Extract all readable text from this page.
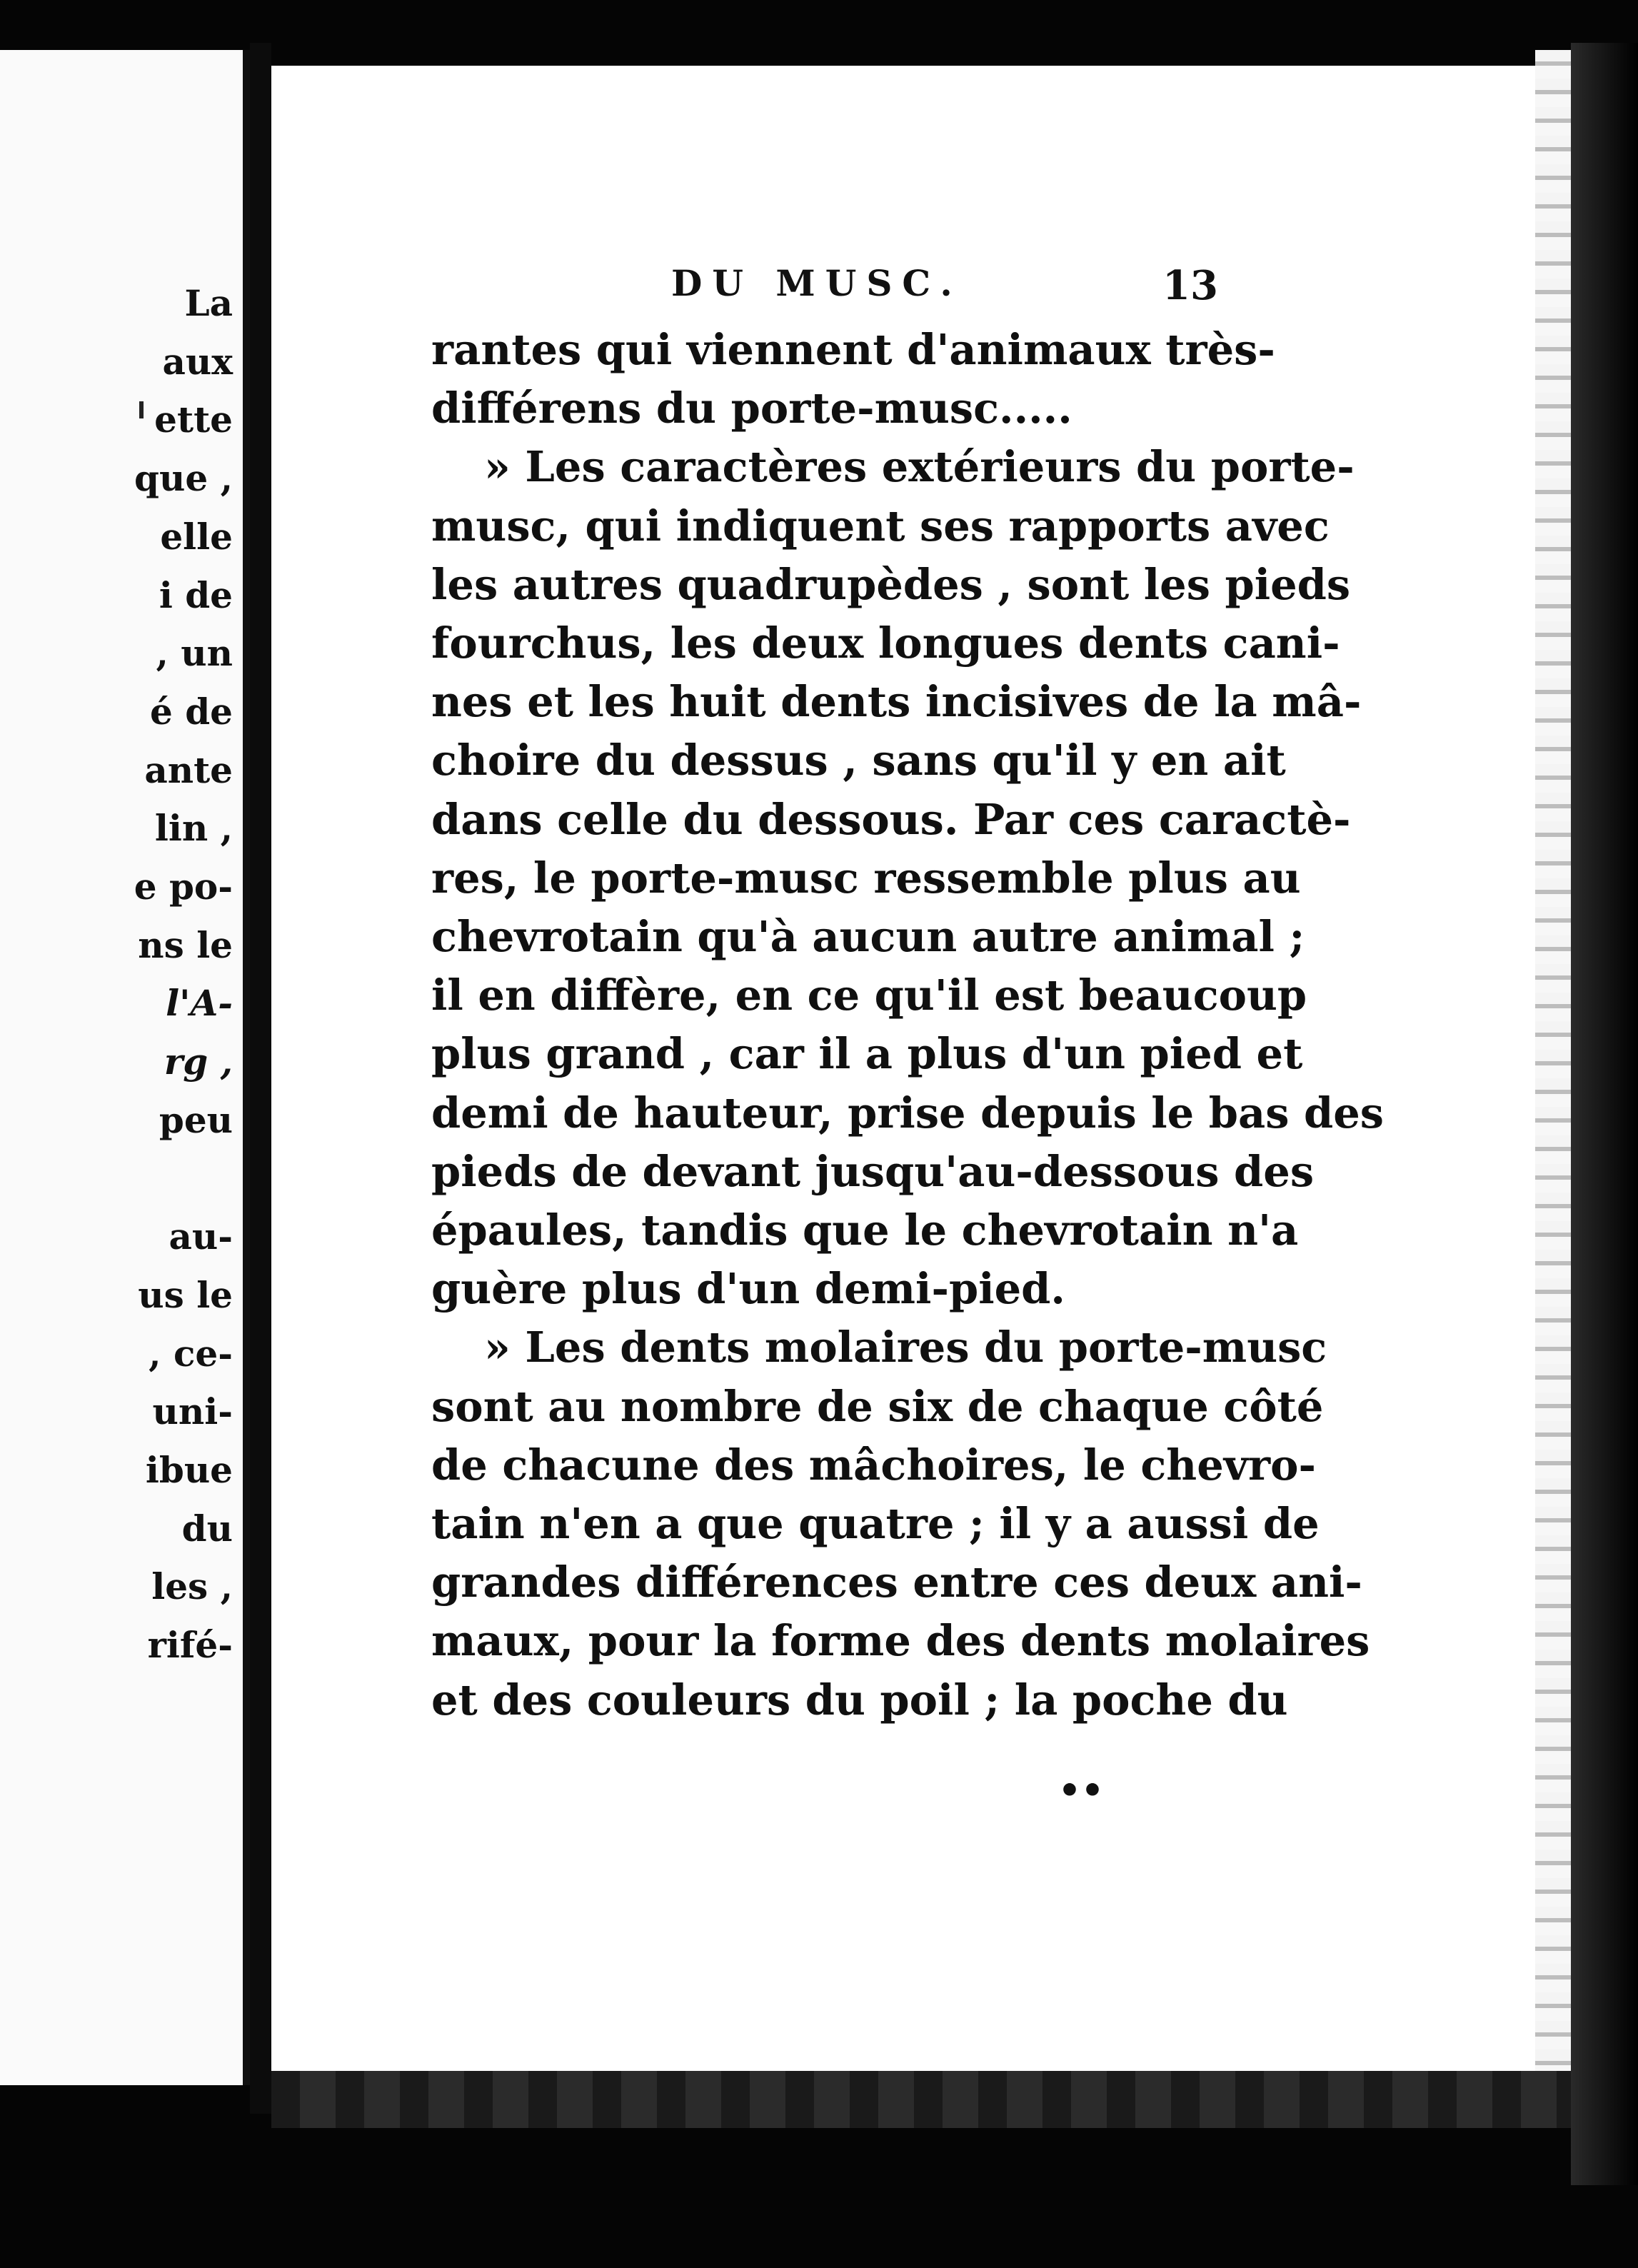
La
aux
ette
que ,
elle
i de
, un
é de
ante
lin ,
e po-
ns le
l'A-
rg ,
peu
au-
us le
, ce-
uni-
ibue
du
les ,
rifé-
DU MUSC.	13
rantes qui viennent d'animaux très-
différens du porte-musc.....
» Les caractères extérieurs du porte-
musc, qui indiquent ses rapports avec
les autres quadrupèdes , sont les pieds
fourchus, les deux longues dents cani-
nes et les huit dents incisives de la mâ-
choire du dessus , sans qu'il y en ait
dans celle du dessous. Par ces caractè-
res, le porte-musc ressemble plus au
chevrotain qu'à aucun autre animal ;
il en diffère, en ce qu'il est beaucoup
plus grand , car il a plus d'un pied et
demi de hauteur, prise depuis le bas des
pieds de devant jusqu'au-dessous des
épaules, tandis que le chevrotain n'a
guère plus d'un demi-pied.
» Les dents molaires du porte-musc
sont au nombre de six de chaque côté
de chacune des mâchoires, le chevro-
tain n'en a que quatre ; il y a aussi de
grandes différences entre ces deux ani-
maux, pour la forme des dents molaires
et des couleurs du poil ; la poche du
••
